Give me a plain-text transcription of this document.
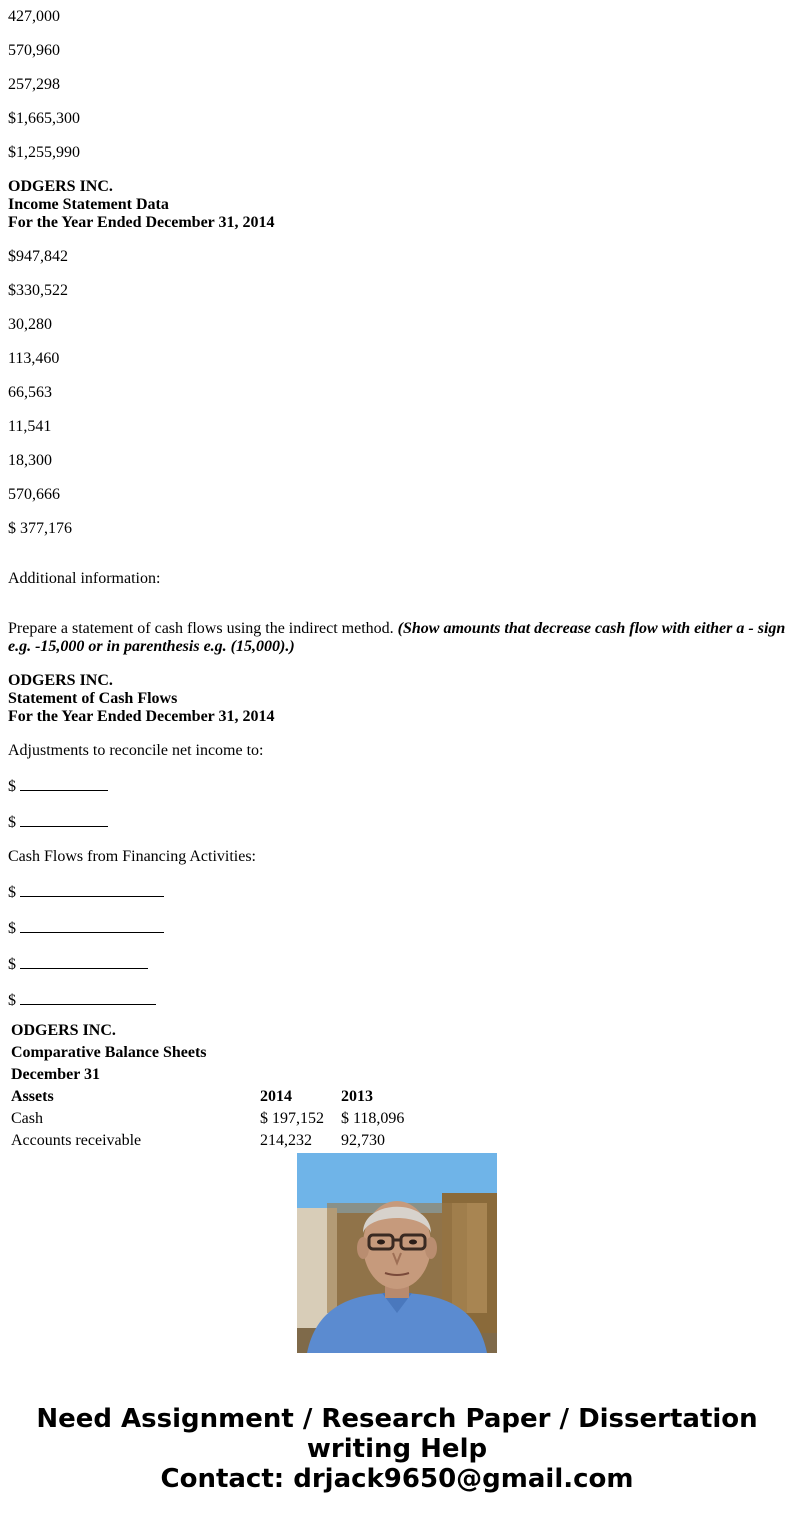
427,000

570,960

257,298

$1,665,300

$1,255,990

ODGERS INC.
Income Statement Data
For the Year Ended December 31, 2014

$947,842

$330,522

30,280

113,460

66,563

11,541

18,300

570,666

$ 377,176

Additional information:

Prepare a statement of cash flows using the indirect method. (Show amounts that decrease cash flow with either a - sign e.g. -15,000 or in parenthesis e.g. (15,000).)

ODGERS INC.
Statement of Cash Flows
For the Year Ended December 31, 2014

Adjustments to reconcile net income to:

$

$

Cash Flows from Financing Activities:

$

$

$

$

ODGERS INC.		
Comparative Balance Sheets		
December 31		
Assets	2014	2013
Cash	$ 197,152	$ 118,096
Accounts receivable	214,232	92,730
Need Assignment / Research Paper / Dissertation
writing Help
Contact: drjack9650@gmail.com
